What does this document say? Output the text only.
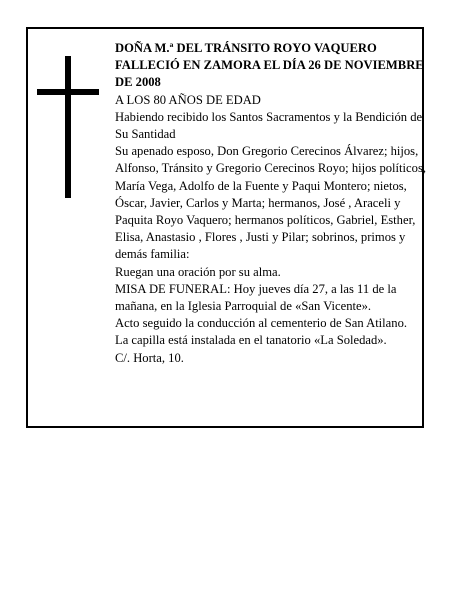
DOÑA M.ª DEL TRÁNSITO ROYO VAQUERO FALLECIÓ EN ZAMORA EL DÍA 26 DE NOVIEMBRE DE 2008

A LOS 80 AÑOS DE EDAD

Habiendo recibido los Santos Sacramentos y la Bendición de Su Santidad

Su apenado esposo, Don Gregorio Cerecinos Álvarez; hijos, Alfonso, Tránsito y Gregorio Cerecinos Royo; hijos políticos, María Vega, Adolfo de la Fuente y Paqui Montero; nietos, Óscar, Javier, Carlos y Marta; hermanos, José , Araceli y Paquita Royo Vaquero; hermanos políticos, Gabriel, Esther, Elisa, Anastasio , Flores , Justi y Pilar; sobrinos, primos y demás familia:

Ruegan una oración por su alma.

MISA DE FUNERAL: Hoy jueves día 27, a las 11 de la mañana, en la Iglesia Parroquial de «San Vicente».

Acto seguido la conducción al cementerio de San Atilano.

La capilla está instalada en el tanatorio «La Soledad».

C/. Horta, 10.
